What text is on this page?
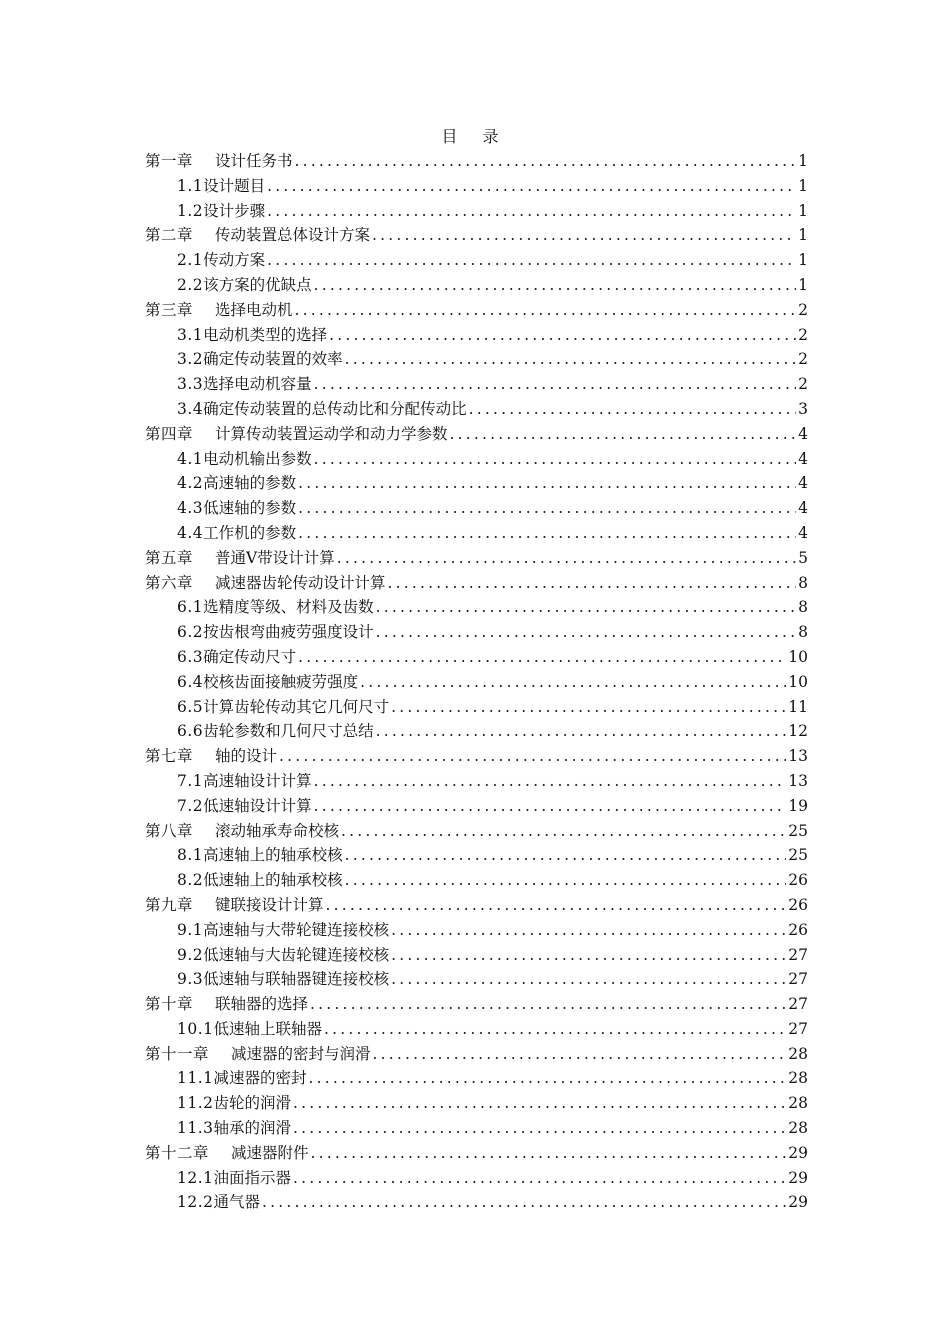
目 录
第一章 设计任务书 .....	1
1.1设计题目 .....	1
1.2设计步骤 .....	1
第二章 传动装置总体设计方案 .....	1
2.1传动方案 .....	1
2.2该方案的优缺点 .....	1
第三章 选择电动机 .....	2
3.1电动机类型的选择 .....	2
3.2确定传动装置的效率 .....	2
3.3选择电动机容量 .....	2
3.4确定传动装置的总传动比和分配传动比 .....	3
第四章 计算传动装置运动学和动力学参数 .....	4
4.1电动机输出参数 .....	4
4.2高速轴的参数 .....	4
4.3低速轴的参数 .....	4
4.4工作机的参数 .....	4
第五章 普通V带设计计算 .....	5
第六章 减速器齿轮传动设计计算 .....	8
6.1选精度等级、材料及齿数 .....	8
6.2按齿根弯曲疲劳强度设计 .....	8
6.3确定传动尺寸 .....	10
6.4校核齿面接触疲劳强度 .....	10
6.5计算齿轮传动其它几何尺寸 .....	11
6.6齿轮参数和几何尺寸总结 .....	12
第七章 轴的设计 .....	13
7.1高速轴设计计算 .....	13
7.2低速轴设计计算 .....	19
第八章 滚动轴承寿命校核 .....	25
8.1高速轴上的轴承校核 .....	25
8.2低速轴上的轴承校核 .....	26
第九章 键联接设计计算 .....	26
9.1高速轴与大带轮键连接校核 .....	26
9.2低速轴与大齿轮键连接校核 .....	27
9.3低速轴与联轴器键连接校核 .....	27
第十章 联轴器的选择 .....	27
10.1低速轴上联轴器 .....	27
第十一章 减速器的密封与润滑 .....	28
11.1减速器的密封 .....	28
11.2齿轮的润滑 .....	28
11.3轴承的润滑 .....	28
第十二章 减速器附件 .....	29
12.1油面指示器 .....	29
12.2通气器 .....	29
